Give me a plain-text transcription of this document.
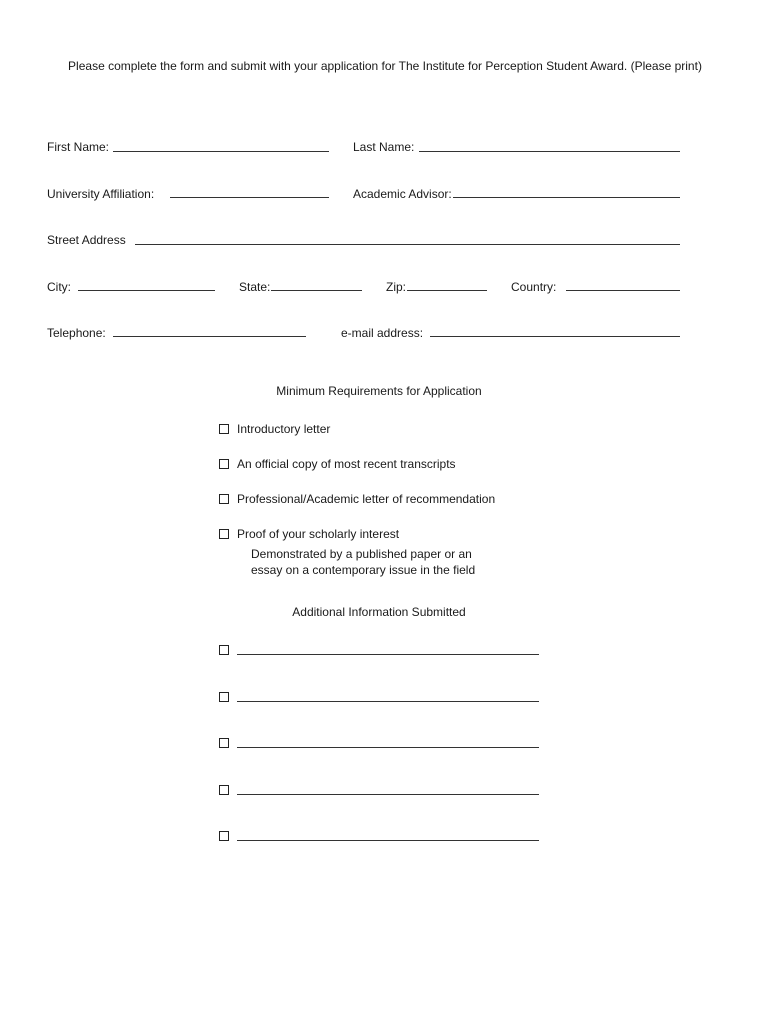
Please complete the form and submit with your application for The Institute for Perception Student Award. (Please print)
First Name:	Last Name:
University Affiliation:	Academic Advisor:
Street Address
City:	State:	Zip:	Country:
Telephone:	e-mail address:
Minimum Requirements for Application
Introductory letter
An official copy of most recent transcripts
Professional/Academic letter of recommendation
Proof of your scholarly interest
Demonstrated by a published paper or an
essay on a contemporary issue in the field
Additional Information Submitted
